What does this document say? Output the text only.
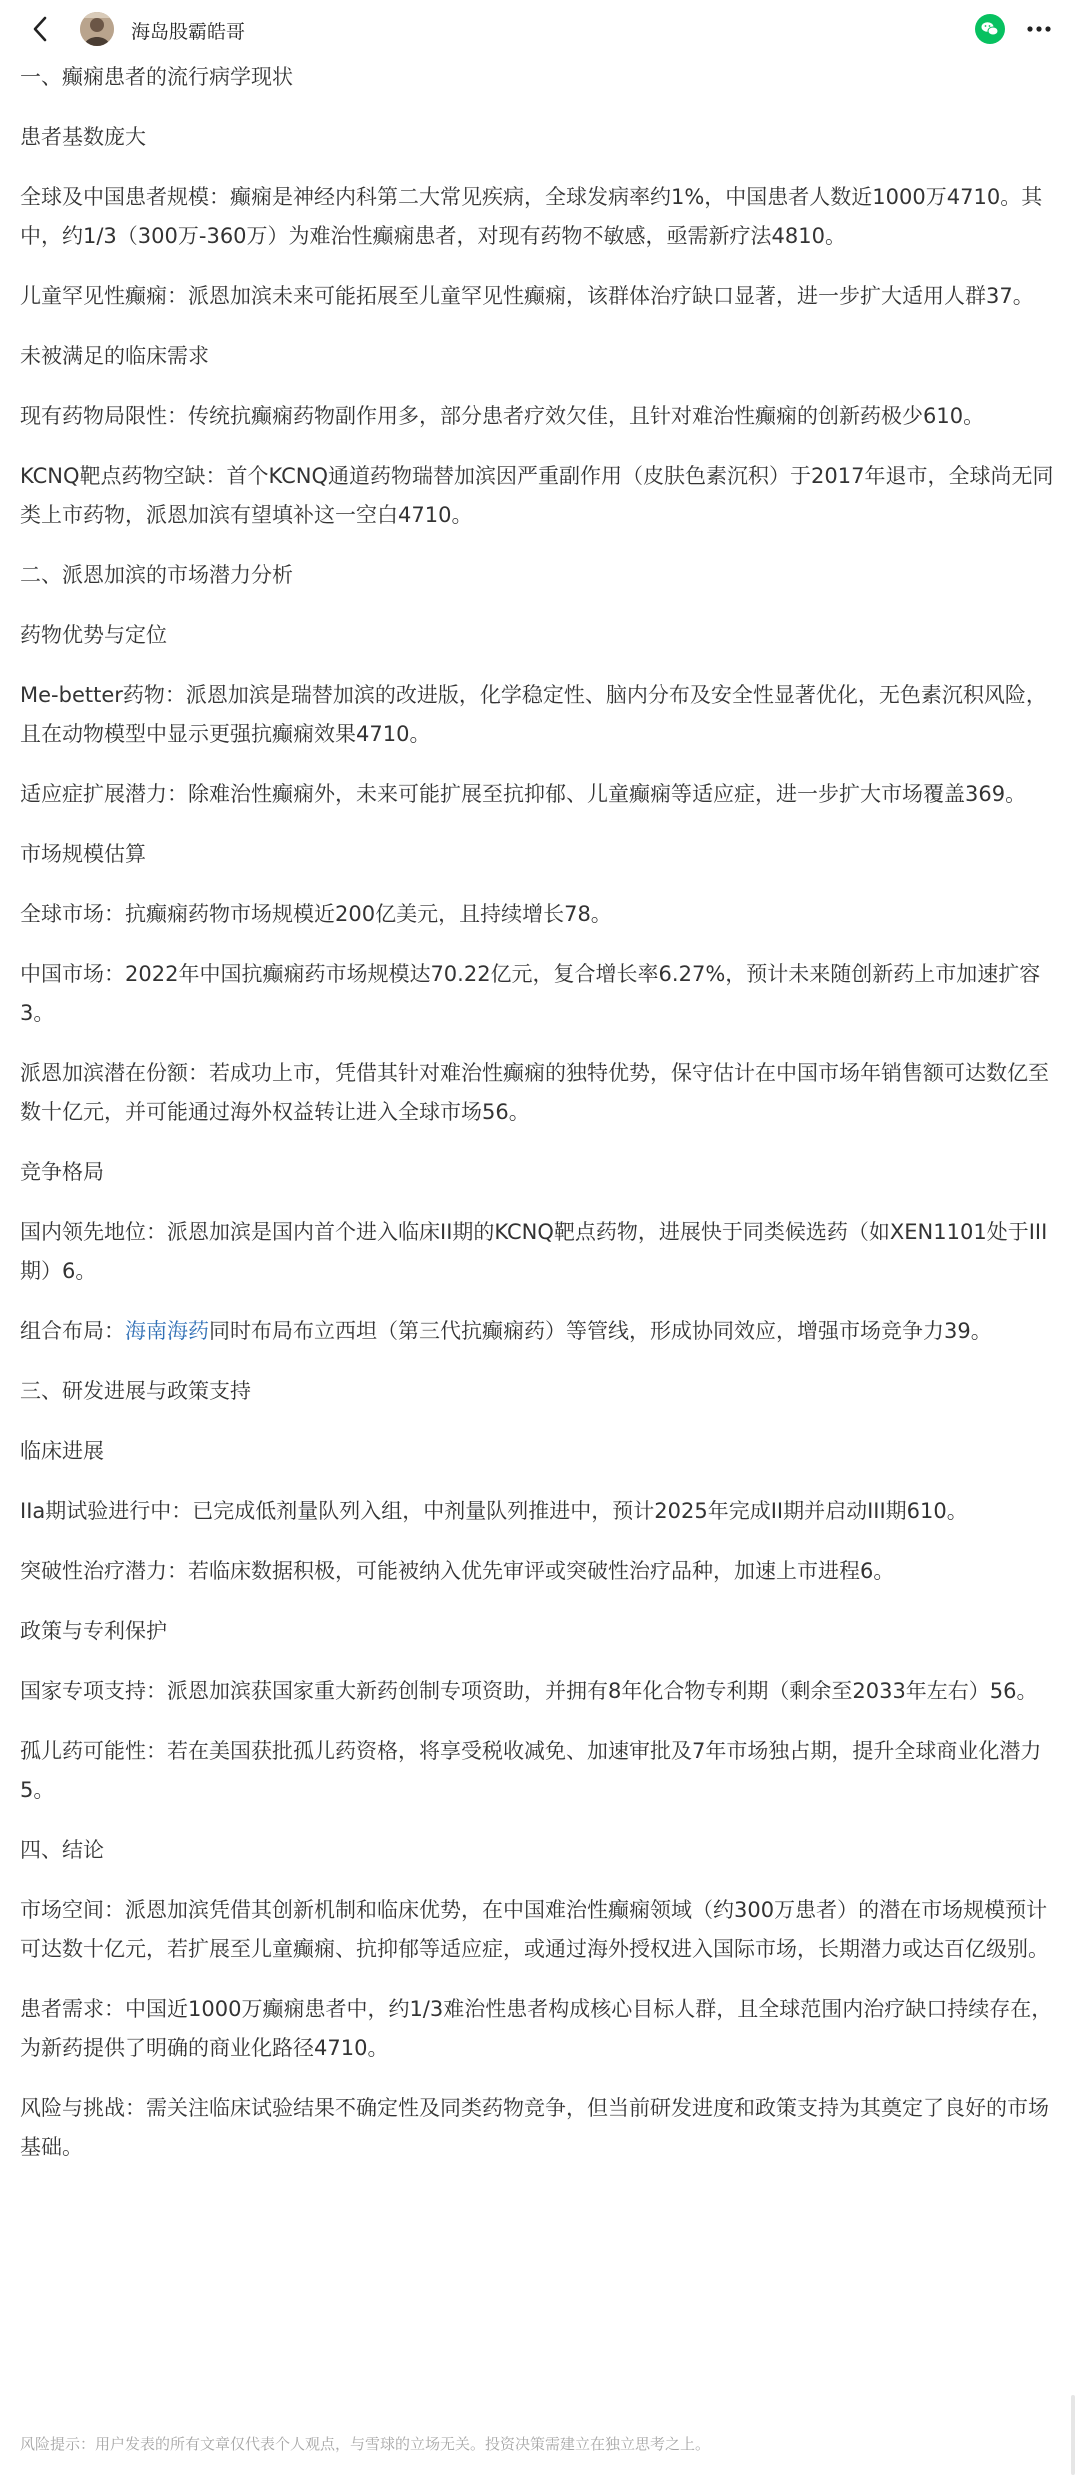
海岛股霸皓哥

一、癫痫患者的流行病学现状

患者基数庞大

全球及中国患者规模：癫痫是神经内科第二大常见疾病，全球发病率约1%，中国患者人数近1000万4710。其中，约1/3（300万-360万）为难治性癫痫患者，对现有药物不敏感，亟需新疗法4810。

儿童罕见性癫痫：派恩加滨未来可能拓展至儿童罕见性癫痫，该群体治疗缺口显著，进一步扩大适用人群37。

未被满足的临床需求

现有药物局限性：传统抗癫痫药物副作用多，部分患者疗效欠佳，且针对难治性癫痫的创新药极少610。

KCNQ靶点药物空缺：首个KCNQ通道药物瑞替加滨因严重副作用（皮肤色素沉积）于2017年退市，全球尚无同类上市药物，派恩加滨有望填补这一空白4710。

二、派恩加滨的市场潜力分析

药物优势与定位

Me-better药物：派恩加滨是瑞替加滨的改进版，化学稳定性、脑内分布及安全性显著优化，无色素沉积风险，且在动物模型中显示更强抗癫痫效果4710。

适应症扩展潜力：除难治性癫痫外，未来可能扩展至抗抑郁、儿童癫痫等适应症，进一步扩大市场覆盖369。

市场规模估算

全球市场：抗癫痫药物市场规模近200亿美元，且持续增长78。

中国市场：2022年中国抗癫痫药市场规模达70.22亿元，复合增长率6.27%，预计未来随创新药上市加速扩容3。

派恩加滨潜在份额：若成功上市，凭借其针对难治性癫痫的独特优势，保守估计在中国市场年销售额可达数亿至数十亿元，并可能通过海外权益转让进入全球市场56。

竞争格局

国内领先地位：派恩加滨是国内首个进入临床II期的KCNQ靶点药物，进展快于同类候选药（如XEN1101处于III期）6。

组合布局：海南海药同时布局布立西坦（第三代抗癫痫药）等管线，形成协同效应，增强市场竞争力39。

三、研发进展与政策支持

临床进展

IIa期试验进行中：已完成低剂量队列入组，中剂量队列推进中，预计2025年完成II期并启动III期610。

突破性治疗潜力：若临床数据积极，可能被纳入优先审评或突破性治疗品种，加速上市进程6。

政策与专利保护

国家专项支持：派恩加滨获国家重大新药创制专项资助，并拥有8年化合物专利期（剩余至2033年左右）56。

孤儿药可能性：若在美国获批孤儿药资格，将享受税收减免、加速审批及7年市场独占期，提升全球商业化潜力5。

四、结论

市场空间：派恩加滨凭借其创新机制和临床优势，在中国难治性癫痫领域（约300万患者）的潜在市场规模预计可达数十亿元，若扩展至儿童癫痫、抗抑郁等适应症，或通过海外授权进入国际市场，长期潜力或达百亿级别。

患者需求：中国近1000万癫痫患者中，约1/3难治性患者构成核心目标人群，且全球范围内治疗缺口持续存在，为新药提供了明确的商业化路径4710。

风险与挑战：需关注临床试验结果不确定性及同类药物竞争，但当前研发进度和政策支持为其奠定了良好的市场基础。

风险提示：用户发表的所有文章仅代表个人观点，与雪球的立场无关。投资决策需建立在独立思考之上。
